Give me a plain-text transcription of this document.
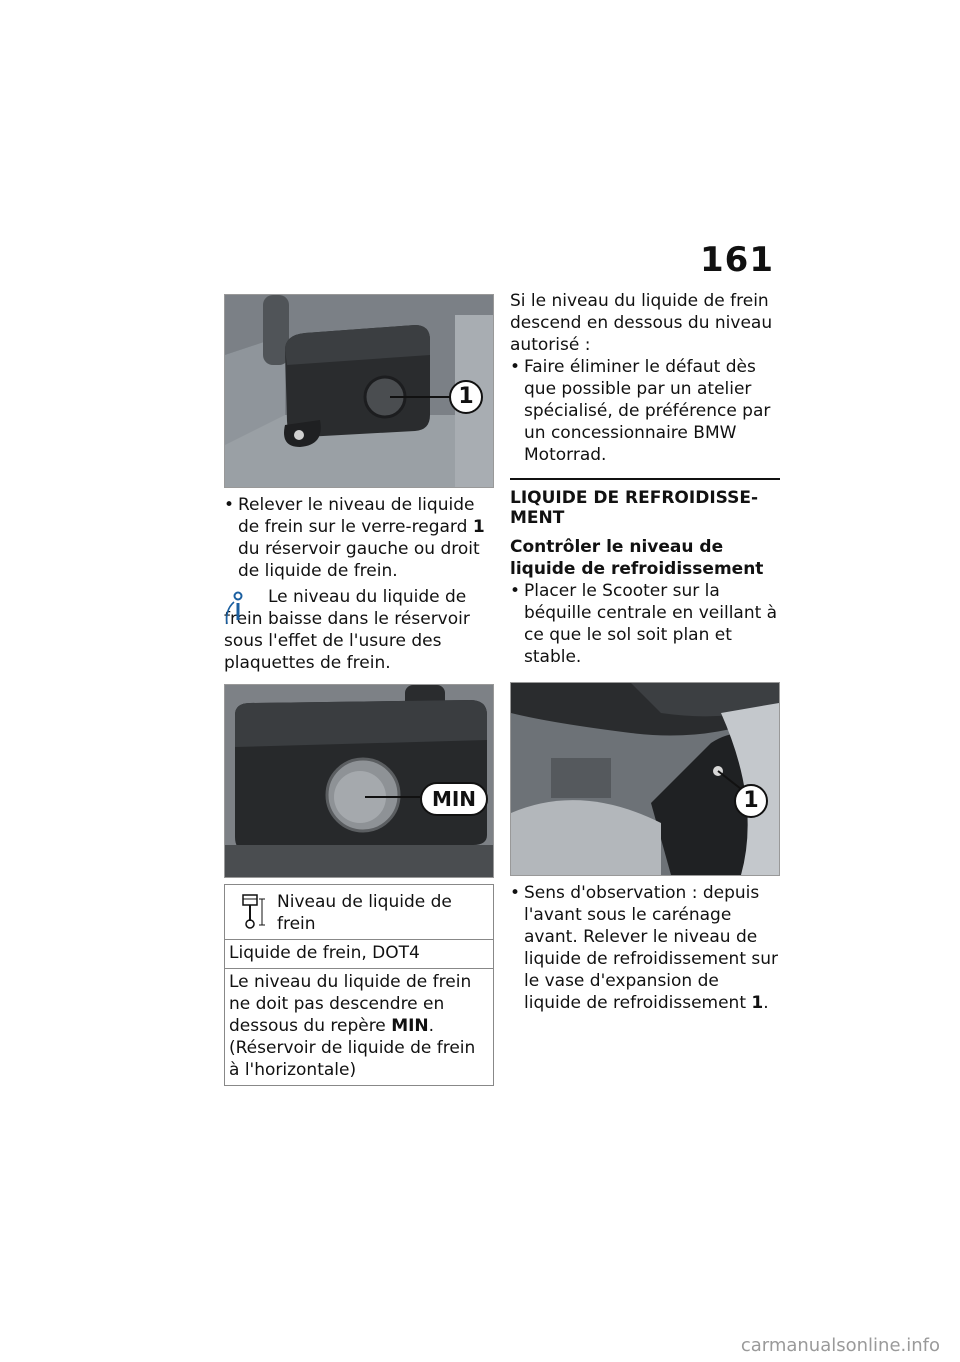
161
1
• Relever le niveau de liquide de frein sur le verre-regard 1 du réservoir gauche ou droit de liquide de frein.
Le niveau du liquide de frein baisse dans le réservoir sous l'effet de l'usure des plaquettes de frein.
MIN
Niveau de liquide de frein
Liquide de frein, DOT4
Le niveau du liquide de frein ne doit pas descendre en dessous du repère MIN.
(Réservoir de liquide de frein à l'horizontale)

Si le niveau du liquide de frein descend en dessous du niveau autorisé :

• Faire éliminer le défaut dès que possible par un atelier spécialisé, de préférence par un concessionnaire BMW Motorrad.
LIQUIDE DE REFROIDISSE-MENT
Contrôler le niveau de liquide de refroidissement
• Placer le Scooter sur la béquille centrale en veillant à ce que le sol soit plan et stable.
1
• Sens d'observation : depuis l'avant sous le carénage avant. Relever le niveau de liquide de refroidissement sur le vase d'expansion de liquide de refroidissement 1.
carmanualsonline.info
